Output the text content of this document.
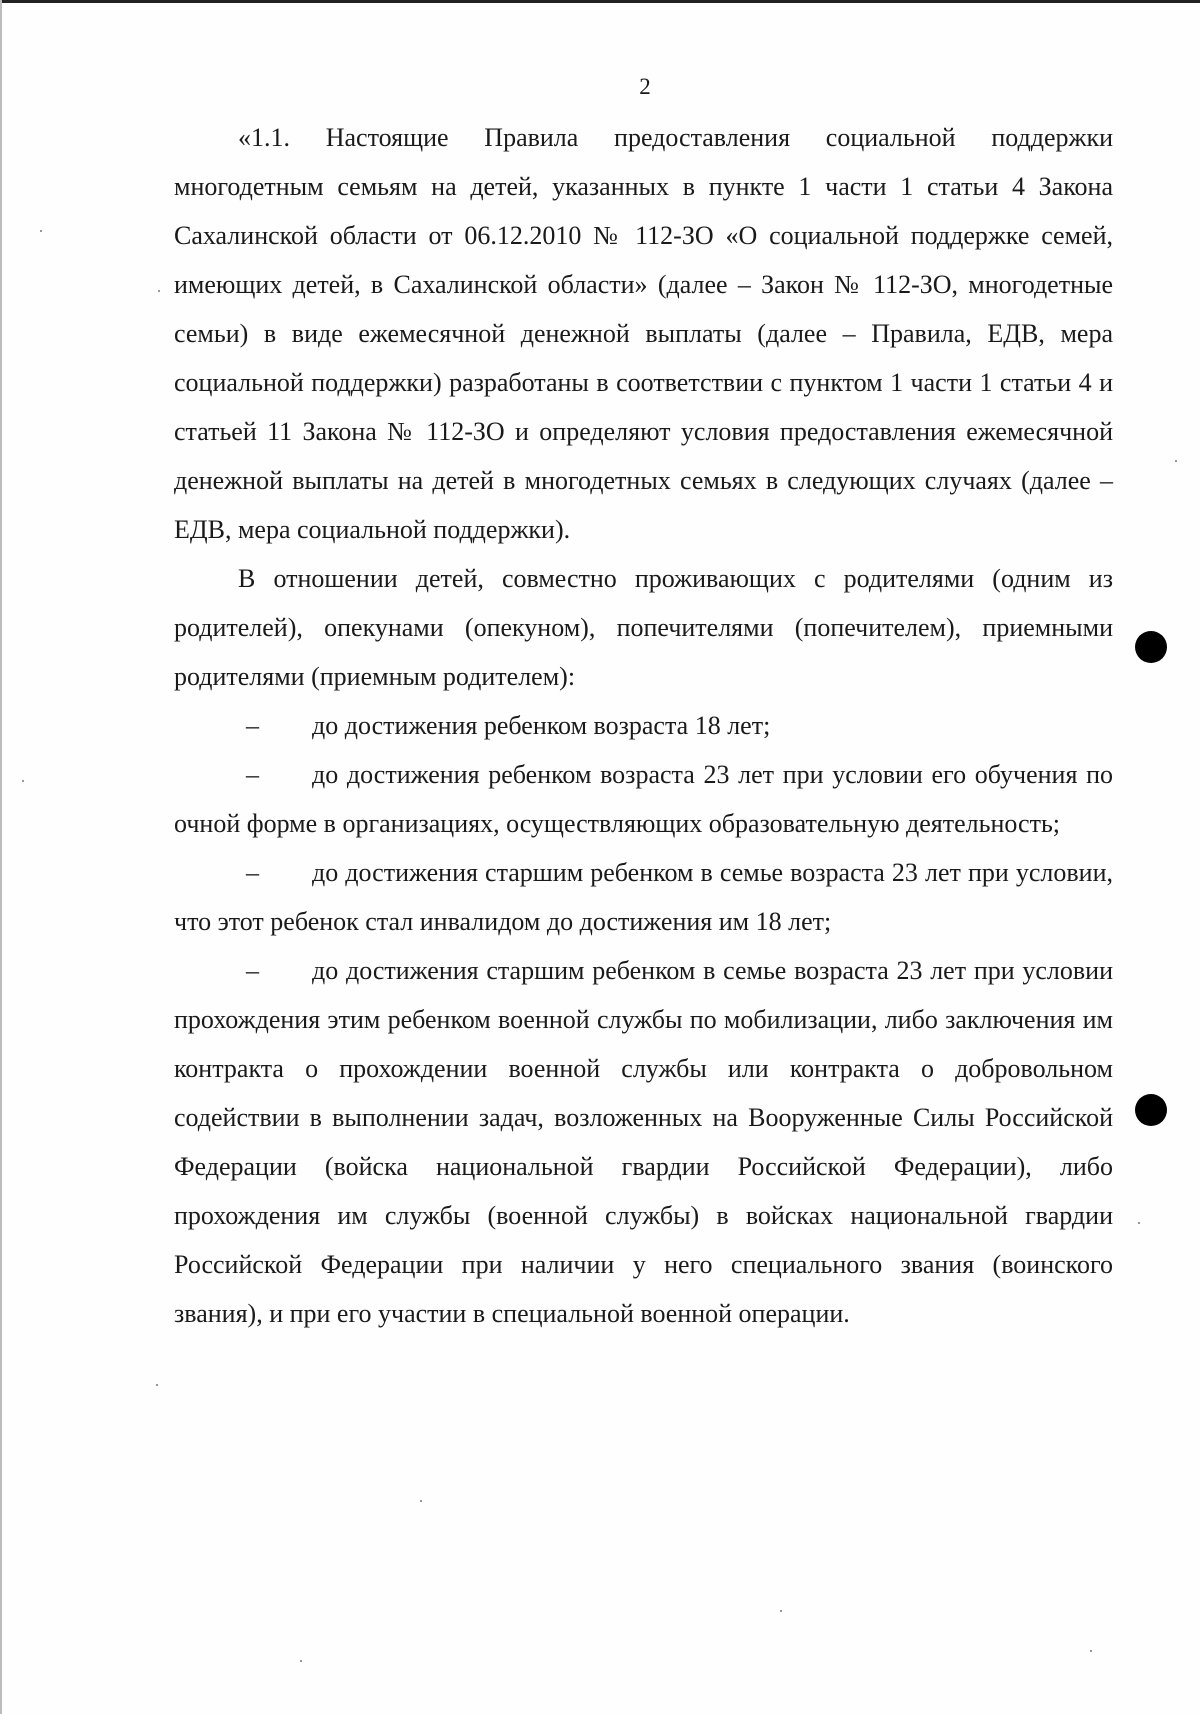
2

«1.1. Настоящие Правила предоставления социальной поддержки многодетным семьям на детей, указанных в пункте 1 части 1 статьи 4 Закона Сахалинской области от 06.12.2010 № 112-ЗО «О социальной поддержке семей, имеющих детей, в Сахалинской области» (далее – Закон № 112-ЗО, многодетные семьи) в виде ежемесячной денежной выплаты (далее – Правила, ЕДВ, мера социальной поддержки) разработаны в соответствии с пунктом 1 части 1 статьи 4 и статьей 11 Закона № 112-ЗО и определяют условия предоставления ежемесячной денежной выплаты на детей в многодетных семьях в следующих случаях (далее – ЕДВ, мера социальной поддержки).

В отношении детей, совместно проживающих с родителями (одним из родителей), опекунами (опекуном), попечителями (попечителем), приемными родителями (приемным родителем):

– до достижения ребенком возраста 18 лет;

– до достижения ребенком возраста 23 лет при условии его обучения по очной форме в организациях, осуществляющих образовательную деятельность;

– до достижения старшим ребенком в семье возраста 23 лет при условии, что этот ребенок стал инвалидом до достижения им 18 лет;

– до достижения старшим ребенком в семье возраста 23 лет при условии прохождения этим ребенком военной службы по мобилизации, либо заключения им контракта о прохождении военной службы или контракта о добровольном содействии в выполнении задач, возложенных на Вооруженные Силы Российской Федерации (войска национальной гвардии Российской Федерации), либо прохождения им службы (военной службы) в войсках национальной гвардии Российской Федерации при наличии у него специального звания (воинского звания), и при его участии в специальной военной операции.
